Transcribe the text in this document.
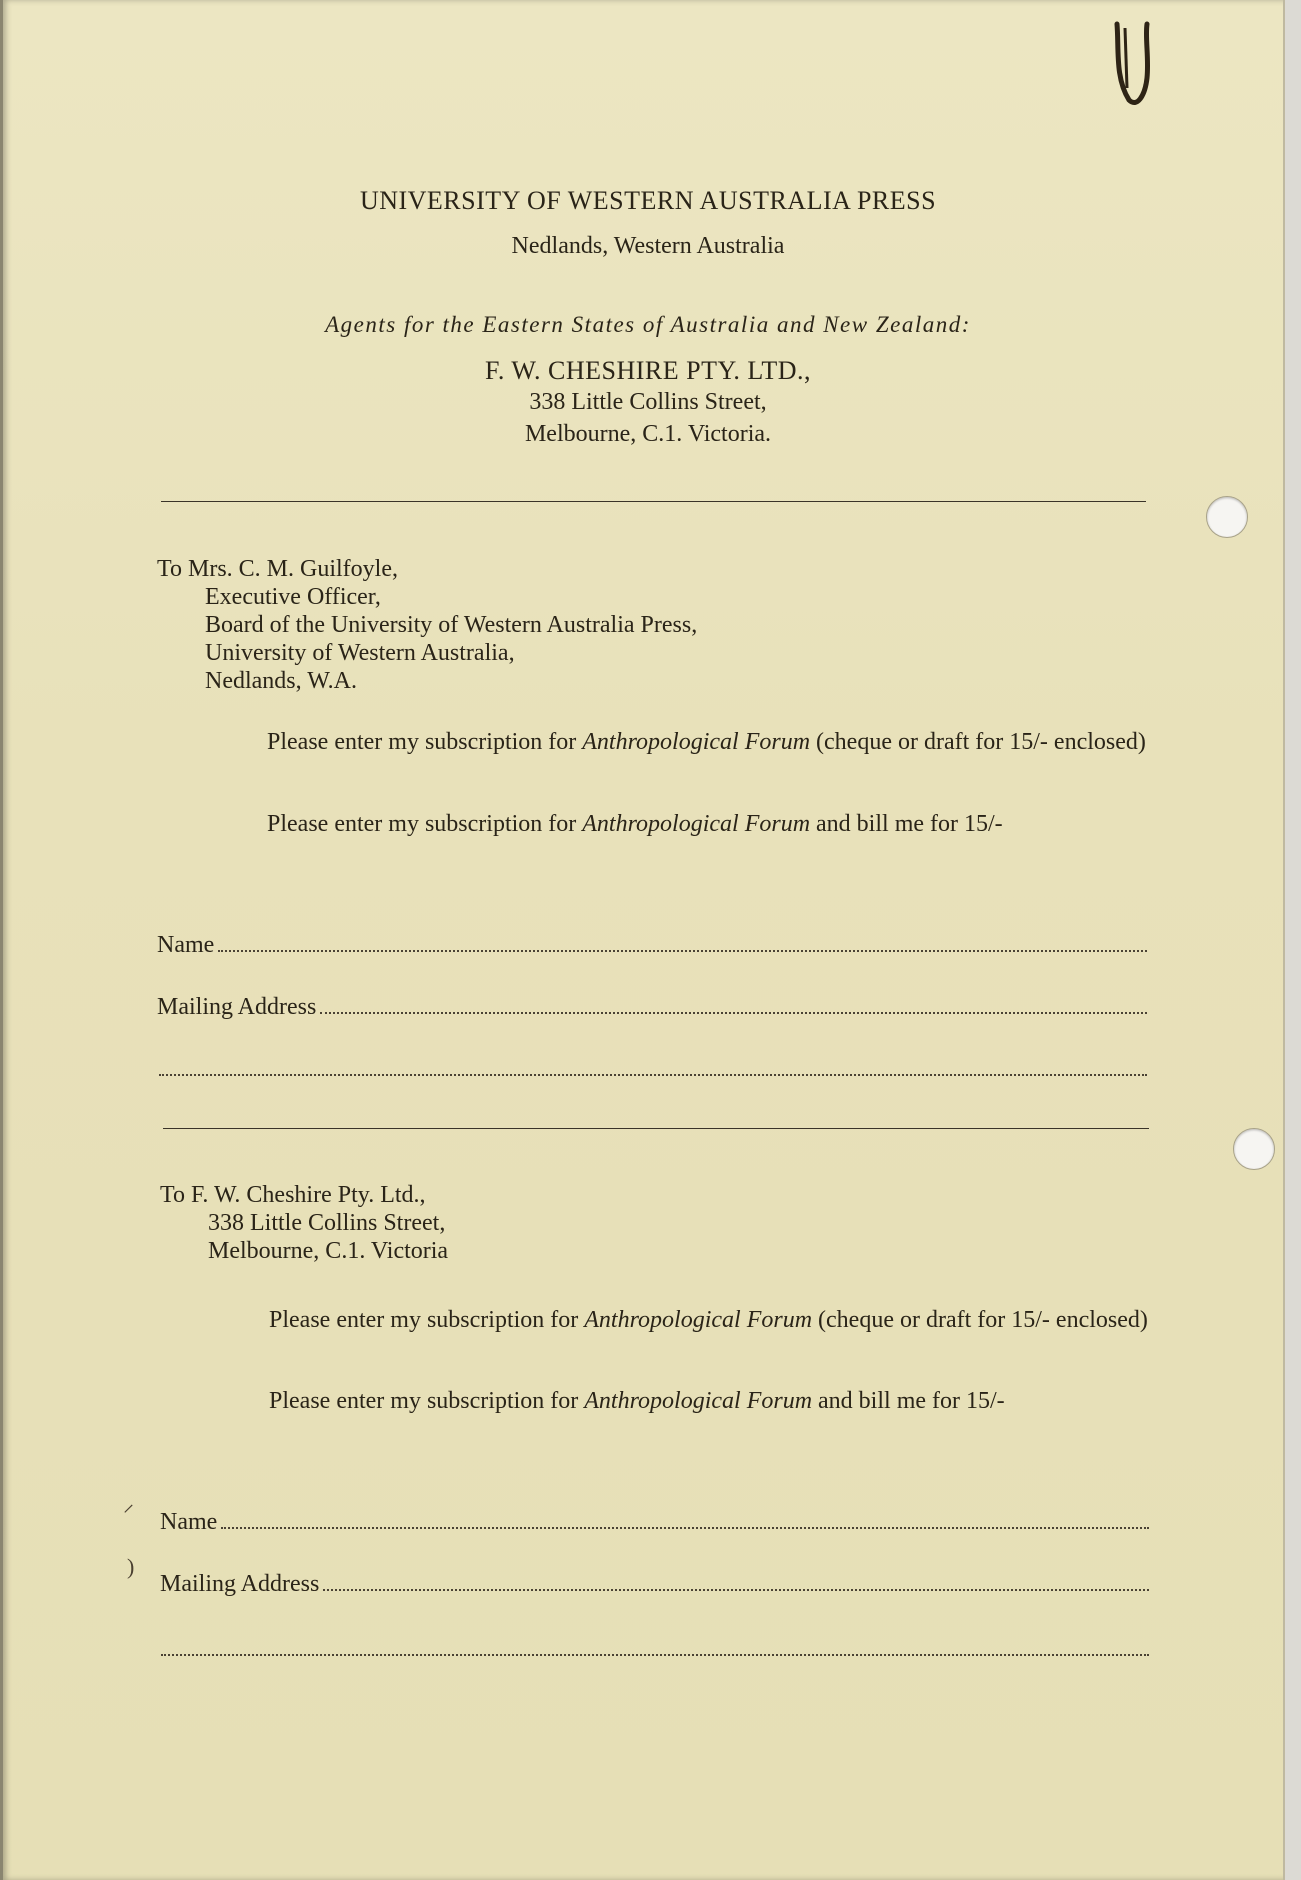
UNIVERSITY OF WESTERN AUSTRALIA PRESS
Nedlands, Western Australia
Agents for the Eastern States of Australia and New Zealand:
F. W. CHESHIRE PTY. LTD.,
338 Little Collins Street,
Melbourne, C.1. Victoria.
To Mrs. C. M. Guilfoyle,
Executive Officer,
Board of the University of Western Australia Press,
University of Western Australia,
Nedlands, W.A.
Please enter my subscription for Anthropological Forum (cheque or draft for 15/- enclosed)
Please enter my subscription for Anthropological Forum and bill me for 15/-
Name
Mailing Address
To F. W. Cheshire Pty. Ltd.,
338 Little Collins Street,
Melbourne, C.1. Victoria
Please enter my subscription for Anthropological Forum (cheque or draft for 15/- enclosed)
Please enter my subscription for Anthropological Forum and bill me for 15/-
⸝
Name
)
Mailing Address
